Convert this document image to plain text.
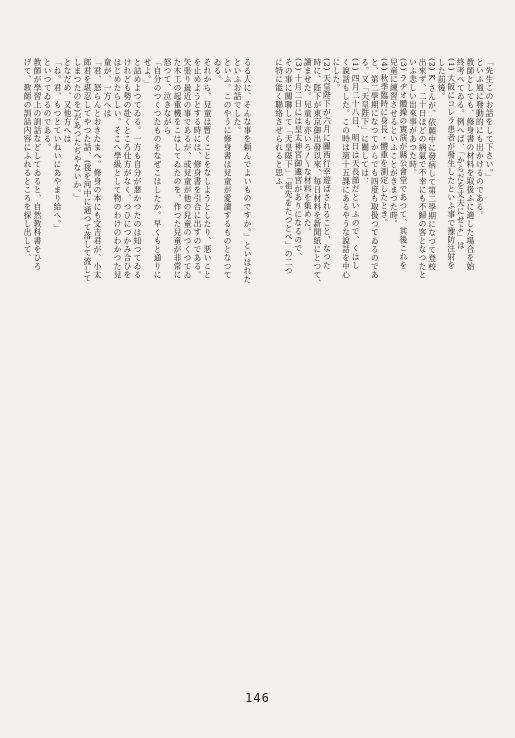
「先生このお話をして下さい。」
といふ風に發動的にも出かけるのである。
教師としても、修身書の材料を取扱ふに適した場合を始
終考へてゐる。例へば、「からだを丈夫にせよ」は
(1) 大阪にコレラ患者が發生したといふ事で豫防注射を
した前後。
(2) K さんが、依願中に發病して第二學期になつて登校
出來ず、二十日ほどの病氣で不幸にも不歸の客となつたと
いふ悲しい出來事があつた時。
(3) ラヂオ體操の實演が縣公會堂であつて、其後これを
兒童に練習させるといふことがきまつた時。
(4) 秋季臨時に身長・體重を測定したとき。
と、第二學期になつてからでも四度も取扱つてゐるのであ
る。又「天皇陛下」に關しては、
(1) 四月二十八日、明日は天長節だといふので、くはし
く說話もした。この時は第十五課にあるやうな說話を中心
にした。
(2) 天皇陛下が六月に關西行幸遊ばされること、なつた
時に、陛下が東京御出發以來、毎日材料を新聞紙にとつて、
讀ませた。兒童も亦いろ〳〵な材料を集めた。
(3) 十月二日には皇太神宮御遷宮がありになるので、
その事に關聯して「天皇陛下」「祖先をたつとべ」の二つ
に特に能く聯絡させられると思ふ。
るる人に、そんな事を頼んでよいものですか。」といはれた
といふお話でした。
といふ。このやうに修身書は兒童が愛讀するものとなつて
ゐる。
それから、兒童は暫くことをなしようとしたり、悪いこと
を止めようとする時には、修身書を引合に出すのである。
矢張り最近の事であるが、或兒童が他の兒童のつくつてゐ
た木工の起重機をこはしてゐたのを、作つた兒童が非常に
怒つて、泣きながら
「自分のつくつたものをなぜこはしたか。早くもと通りに
せよ。」
と詰めよつてゐる。一方も自分が悪かつたのは知つてゐる
けれども勢の赴くところ仕方がなく、つひにつかみ合ひを
はじめたらしい。そこへ學級として物のわけのわかつた兒
童が、一方へは
「君、怒らんとおきたまへ。修身の本にも文吉君が、小太
郎君を堪忍してやつた話、(毬を河中に通つて落して流して
しまつたのを)があつたぢやないか。」
となだめ、又他方へは
「ね。君、もつとていねいにあやまり給へ。」
といつてゐるのである。
教師が學習上の訓話などしてゐると、自然教科書をひろ
げて、教師の訓話内容にふれるところを探し出して、
146
